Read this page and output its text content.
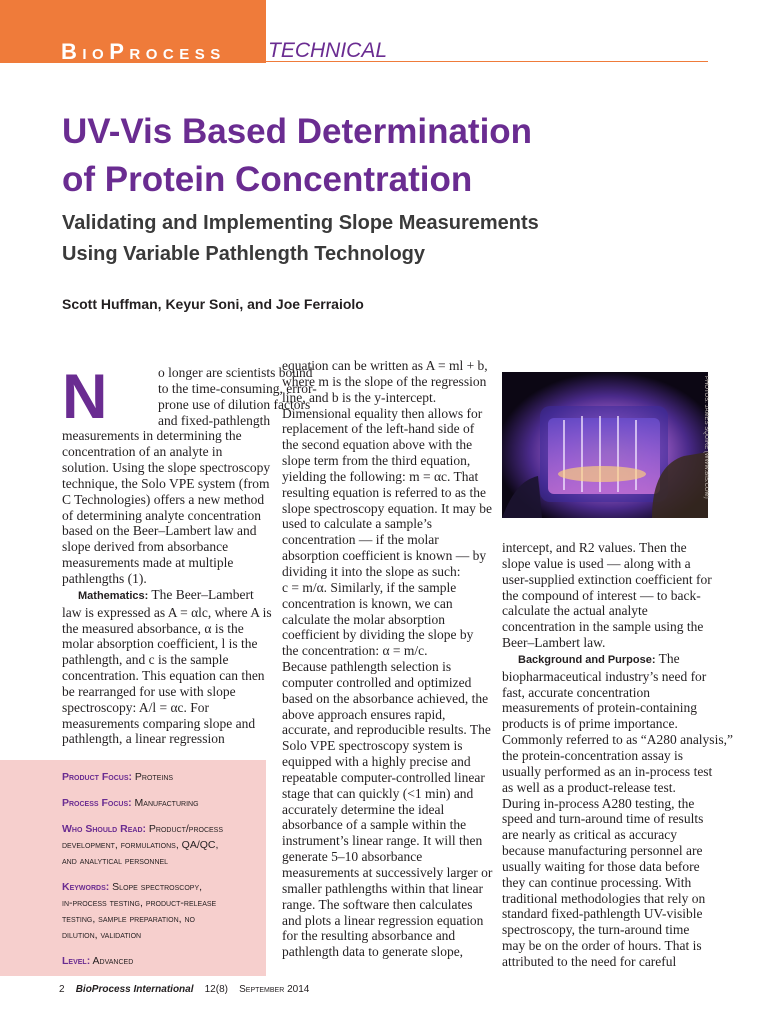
BioProcess TECHNICAL
UV-Vis Based Determination
of Protein Concentration
Validating and Implementing Slope Measurements
Using Variable Pathlength Technology
Scott Huffman, Keyur Soni, and Joe Ferraiolo
N	o longer are scientists bound
to the time-consuming, error-
prone use of dilution factors
and fixed-pathlength
measurements in determining the
concentration of an analyte in
solution. Using the slope spectroscopy
technique, the Solo VPE system (from
C Technologies) offers a new method
of determining analyte concentration
based on the Beer–Lambert law and
slope derived from absorbance
measurements made at multiple
pathlengths (1).
Mathematics: The Beer–Lambert
law is expressed as A = αlc, where A is
the measured absorbance, α is the
molar absorption coefficient, l is the
pathlength, and c is the sample
concentration. This equation can then
be rearranged for use with slope
spectroscopy: A/l = αc. For
measurements comparing slope and
pathlength, a linear regression
equation can be written as A = ml + b,
where m is the slope of the regression
line, and b is the y-intercept.
Dimensional equality then allows for
replacement of the left-hand side of
the second equation above with the
slope term from the third equation,
yielding the following: m = αc. That
resulting equation is referred to as the
slope spectroscopy equation. It may be
used to calculate a sample’s
concentration — if the molar
absorption coefficient is known — by
dividing it into the slope as such:
c = m/α. Similarly, if the sample
concentration is known, we can
calculate the molar absorption
coefficient by dividing the slope by
the concentration: α = m/c.
Because pathlength selection is
computer controlled and optimized
based on the absorbance achieved, the
above approach ensures rapid,
accurate, and reproducible results. The
Solo VPE spectroscopy system is
equipped with a highly precise and
repeatable computer-controlled linear
stage that can quickly (<1 min) and
accurately determine the ideal
absorbance of a sample within the
instrument’s linear range. It will then
generate 5–10 absorbance
measurements at successively larger or
smaller pathlengths within that linear
range. The software then calculates
and plots a linear regression equation
for the resulting absorbance and
pathlength data to generate slope,
PHOTOS: JAMES SQUIRE (WWW.BIS.COM)
intercept, and R2 values. Then the
slope value is used — along with a
user-supplied extinction coefficient for
the compound of interest — to back-
calculate the actual analyte
concentration in the sample using the
Beer–Lambert law.
Background and Purpose: The
biopharmaceutical industry’s need for
fast, accurate concentration
measurements of protein-containing
products is of prime importance.
Commonly referred to as “A280 analysis,”
the protein-concentration assay is
usually performed as an in-process test
as well as a product-release test.
During in-process A280 testing, the
speed and turn-around time of results
are nearly as critical as accuracy
because manufacturing personnel are
usually waiting for those data before
they can continue processing. With
traditional methodologies that rely on
standard fixed-pathlength UV-visible
spectroscopy, the turn-around time
may be on the order of hours. That is
attributed to the need for careful
Product Focus: Proteins
Process Focus: Manufacturing
Who Should Read: Product/process
development, formulations, QA/QC,
and analytical personnel
Keywords: Slope spectroscopy,
in-process testing, product-release
testing, sample preparation, no
dilution, validation
Level: Advanced
2 BioProcess International 12(8) September 2014
